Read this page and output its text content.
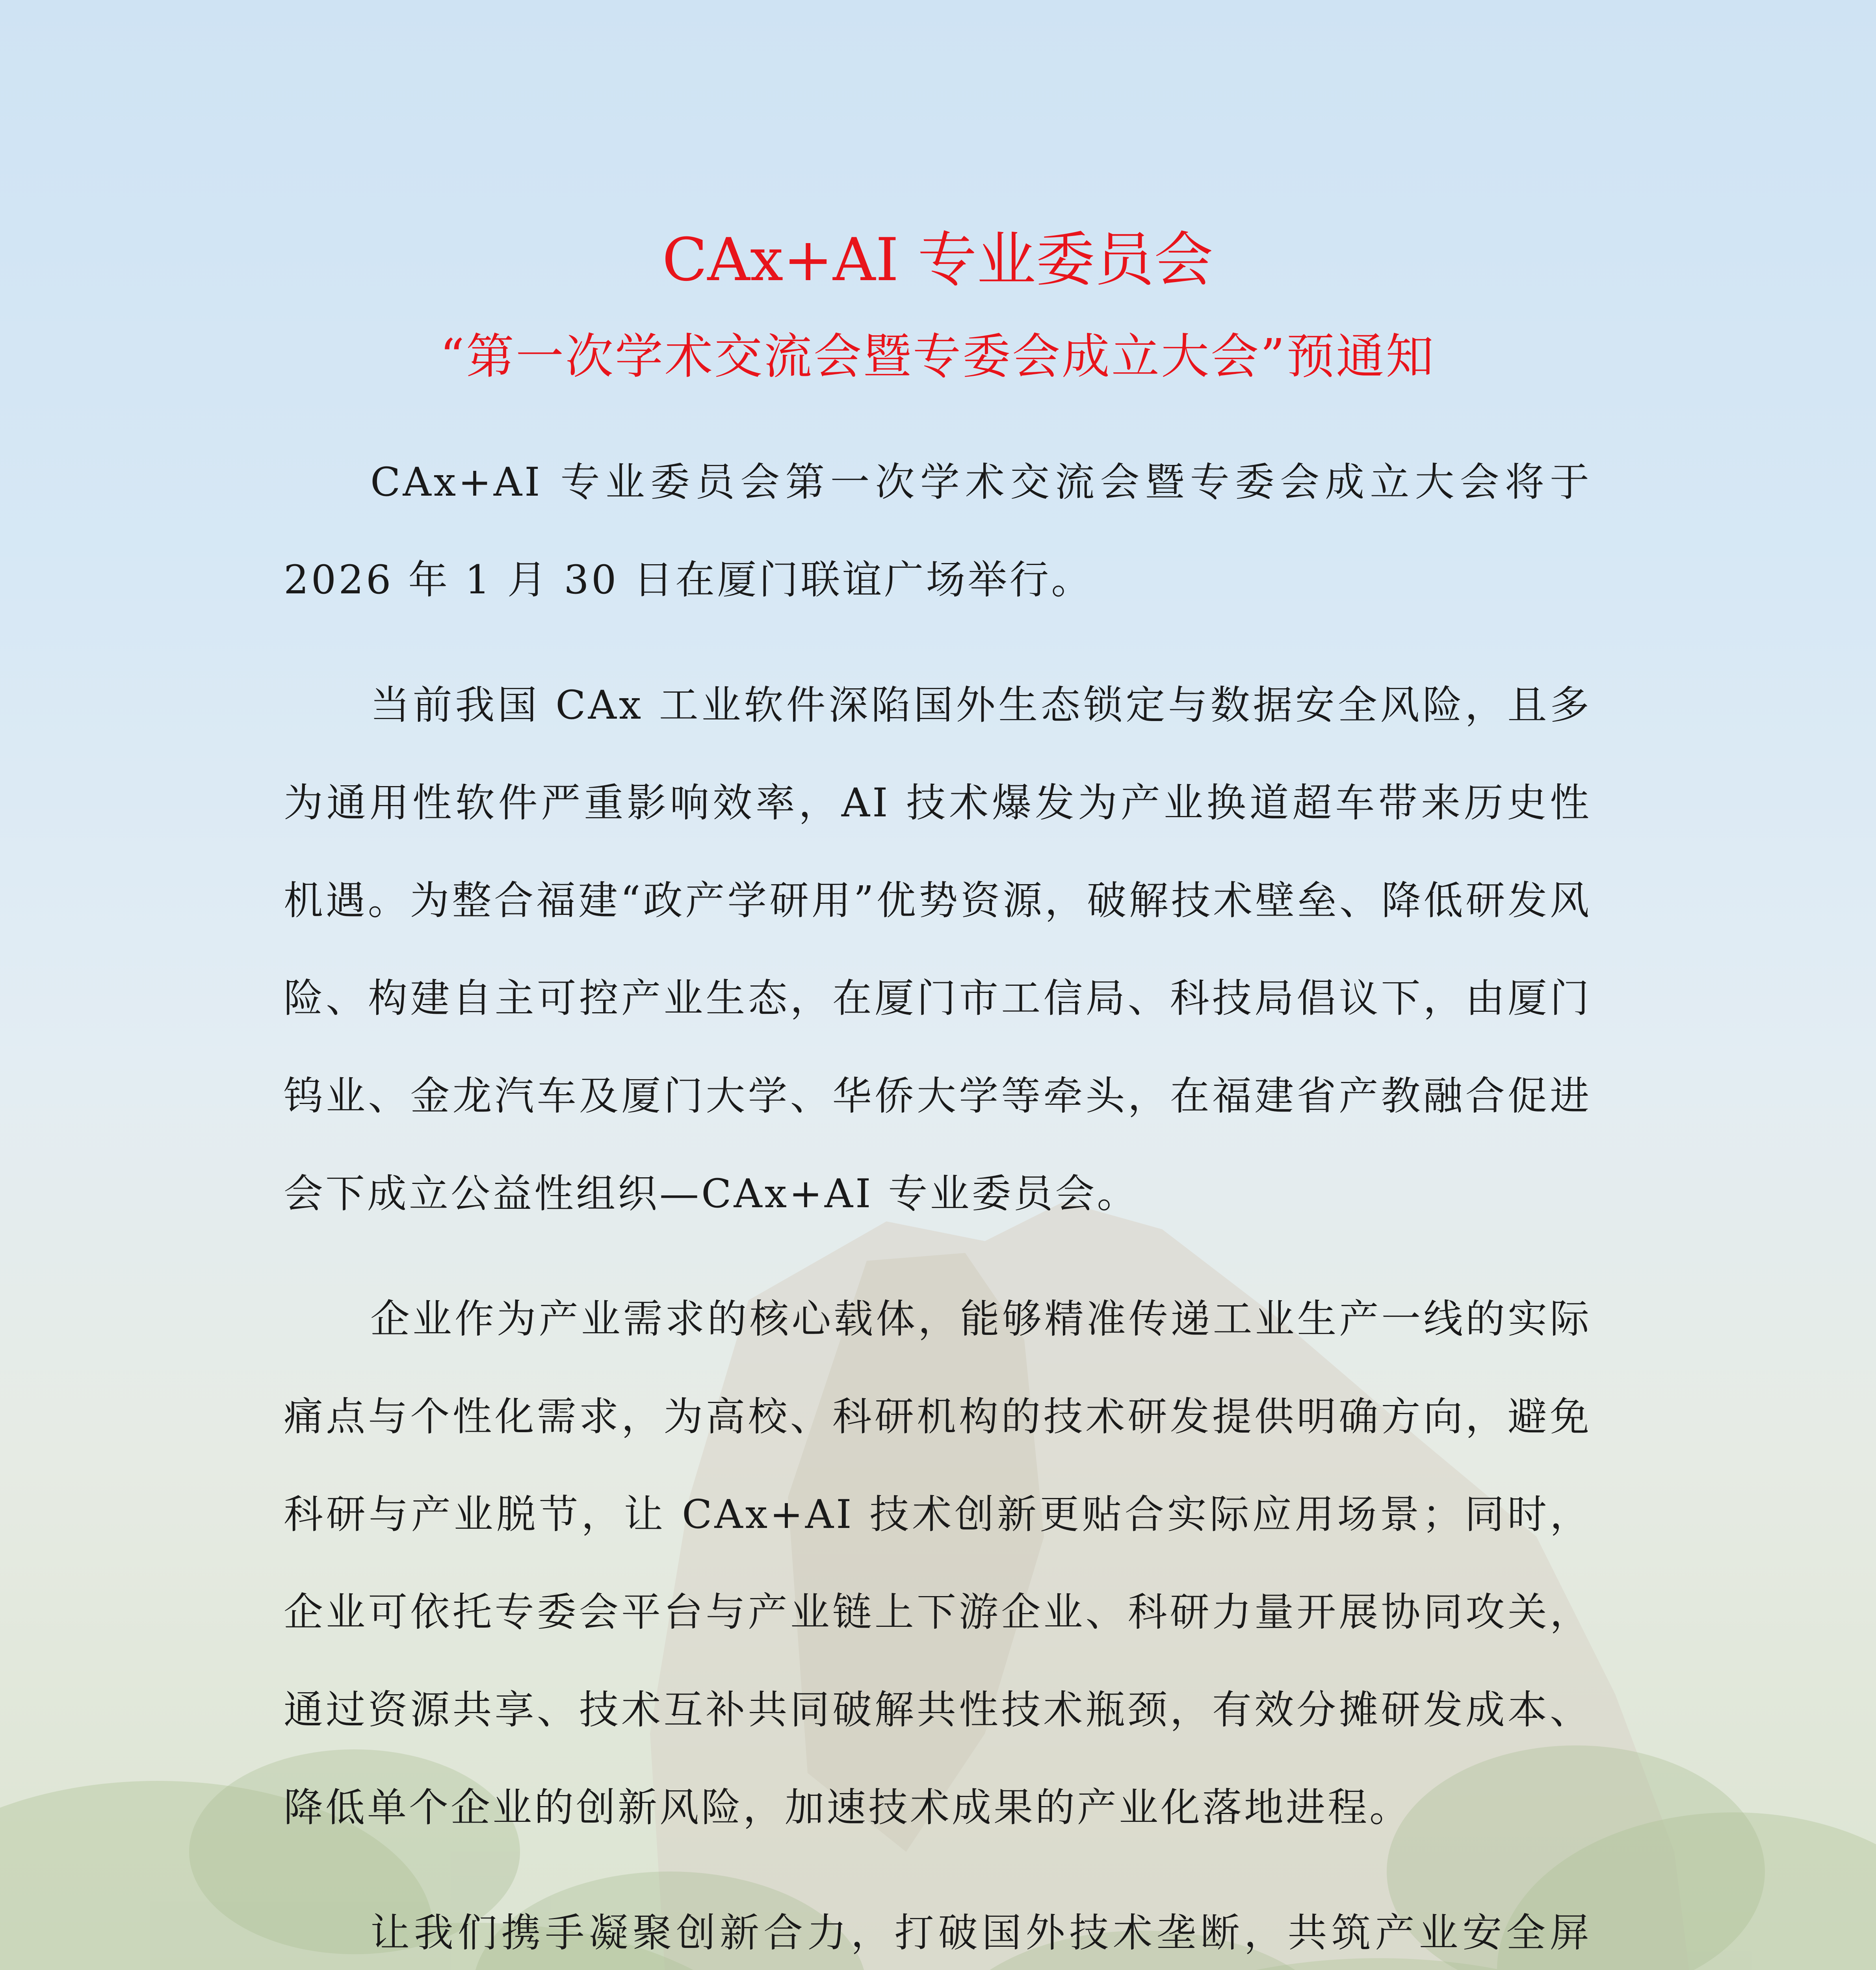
CAx+AI 专业委员会
“第一次学术交流会暨专委会成立大会”预通知

CAx+AI 专业委员会第一次学术交流会暨专委会成立大会将于2026 年 1 月 30 日在厦门联谊广场举行。

当前我国 CAx 工业软件深陷国外生态锁定与数据安全风险，且多为通用性软件严重影响效率，AI 技术爆发为产业换道超车带来历史性机遇。为整合福建“政产学研用”优势资源，破解技术壁垒、降低研发风险、构建自主可控产业生态，在厦门市工信局、科技局倡议下，由厦门钨业、金龙汽车及厦门大学、华侨大学等牵头，在福建省产教融合促进会下成立公益性组织—CAx+AI 专业委员会。

企业作为产业需求的核心载体，能够精准传递工业生产一线的实际痛点与个性化需求，为高校、科研机构的技术研发提供明确方向，避免科研与产业脱节，让 CAx+AI 技术创新更贴合实际应用场景；同时，企业可依托专委会平台与产业链上下游企业、科研力量开展协同攻关，通过资源共享、技术互补共同破解共性技术瓶颈，有效分摊研发成本、降低单个企业的创新风险，加速技术成果的产业化落地进程。

让我们携手凝聚创新合力，打破国外技术垄断，共筑产业安全屏
